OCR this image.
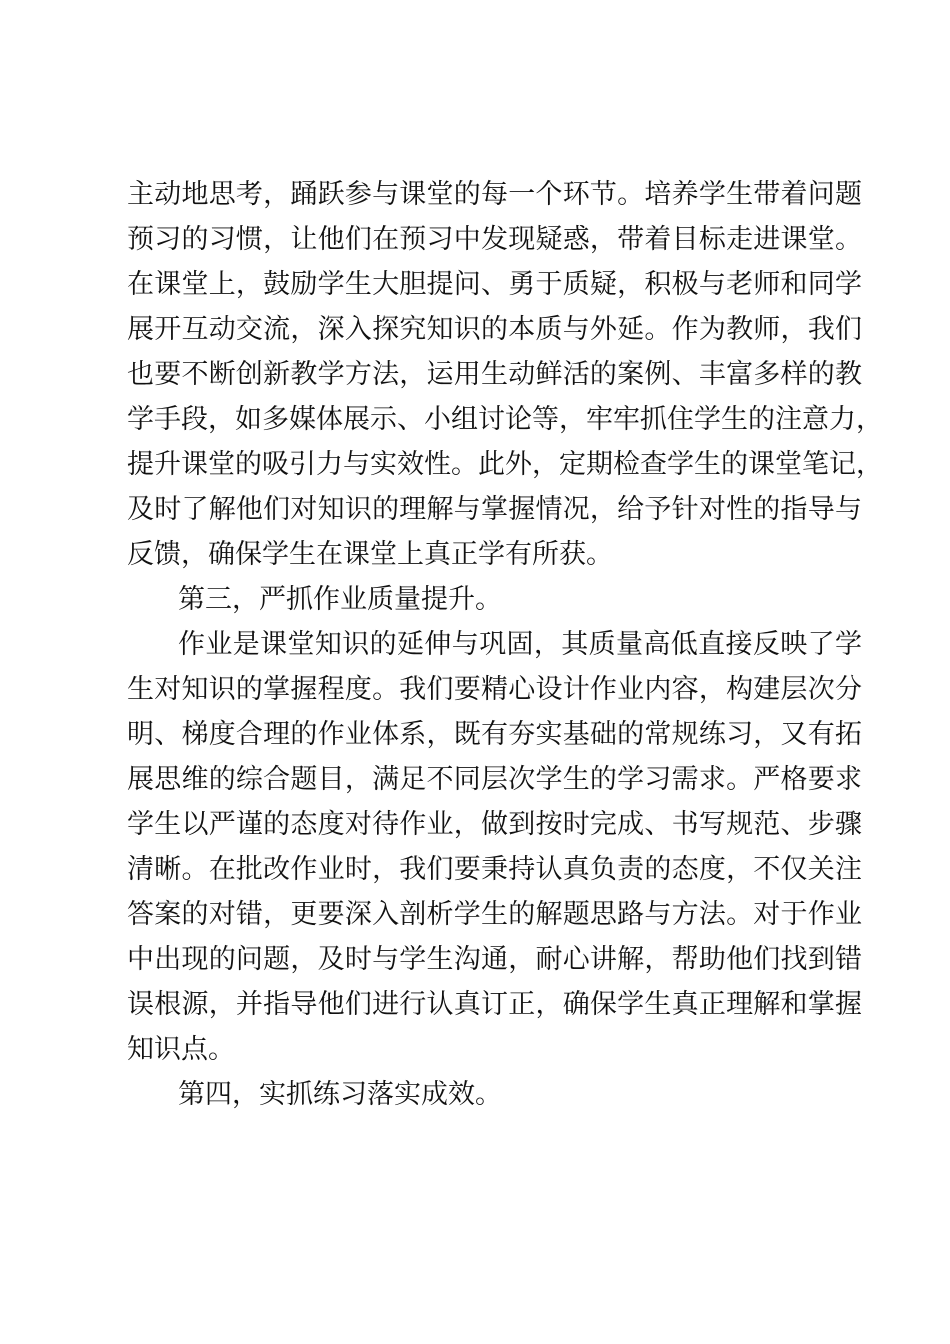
主动地思考，踊跃参与课堂的每一个环节。培养学生带着问题
预习的习惯，让他们在预习中发现疑惑，带着目标走进课堂。
在课堂上，鼓励学生大胆提问、勇于质疑，积极与老师和同学
展开互动交流，深入探究知识的本质与外延。作为教师，我们
也要不断创新教学方法，运用生动鲜活的案例、丰富多样的教
学手段，如多媒体展示、小组讨论等，牢牢抓住学生的注意力，
提升课堂的吸引力与实效性。此外，定期检查学生的课堂笔记，
及时了解他们对知识的理解与掌握情况，给予针对性的指导与
反馈，确保学生在课堂上真正学有所获。
第三，严抓作业质量提升。
作业是课堂知识的延伸与巩固，其质量高低直接反映了学
生对知识的掌握程度。我们要精心设计作业内容，构建层次分
明、梯度合理的作业体系，既有夯实基础的常规练习，又有拓
展思维的综合题目，满足不同层次学生的学习需求。严格要求
学生以严谨的态度对待作业，做到按时完成、书写规范、步骤
清晰。在批改作业时，我们要秉持认真负责的态度，不仅关注
答案的对错，更要深入剖析学生的解题思路与方法。对于作业
中出现的问题，及时与学生沟通，耐心讲解，帮助他们找到错
误根源，并指导他们进行认真订正，确保学生真正理解和掌握
知识点。
第四，实抓练习落实成效。
